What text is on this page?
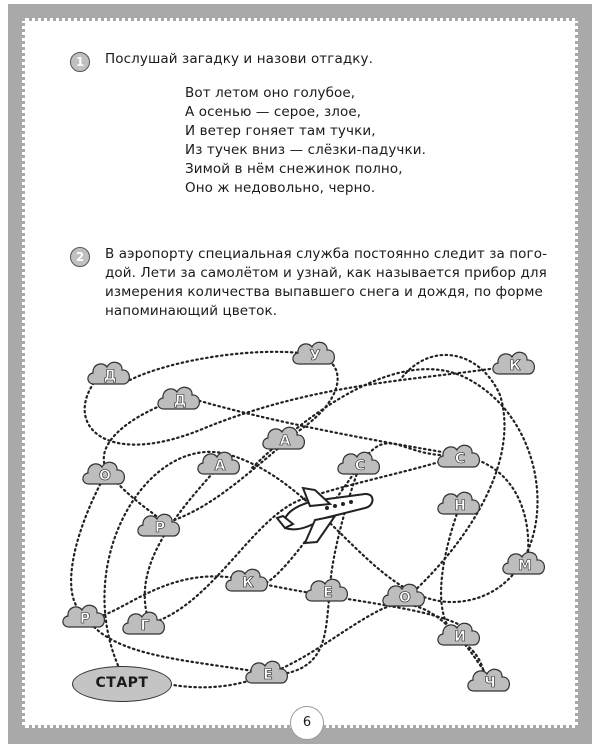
1	Послушай загадку и назови отгадку.
Вот летом оно голубое,
А осенью — серое, злое,
И ветер гоняет там тучки,
Из тучек вниз — слёзки-падучки.
Зимой в нём снежинок полно,
Оно ж недовольно, черно.
2	В аэропорту специальная служба постоянно следит за пого-
дой. Лети за самолётом и узнай, как называется прибор для
измерения количества выпавшего снега и дождя, по форме
напоминающий цветок.
Д
У
К
Д
А
О
А	С	С
Н
Р
М
К
Е	О
Р	Г
И
Е	Ч
СТАРТ
6
